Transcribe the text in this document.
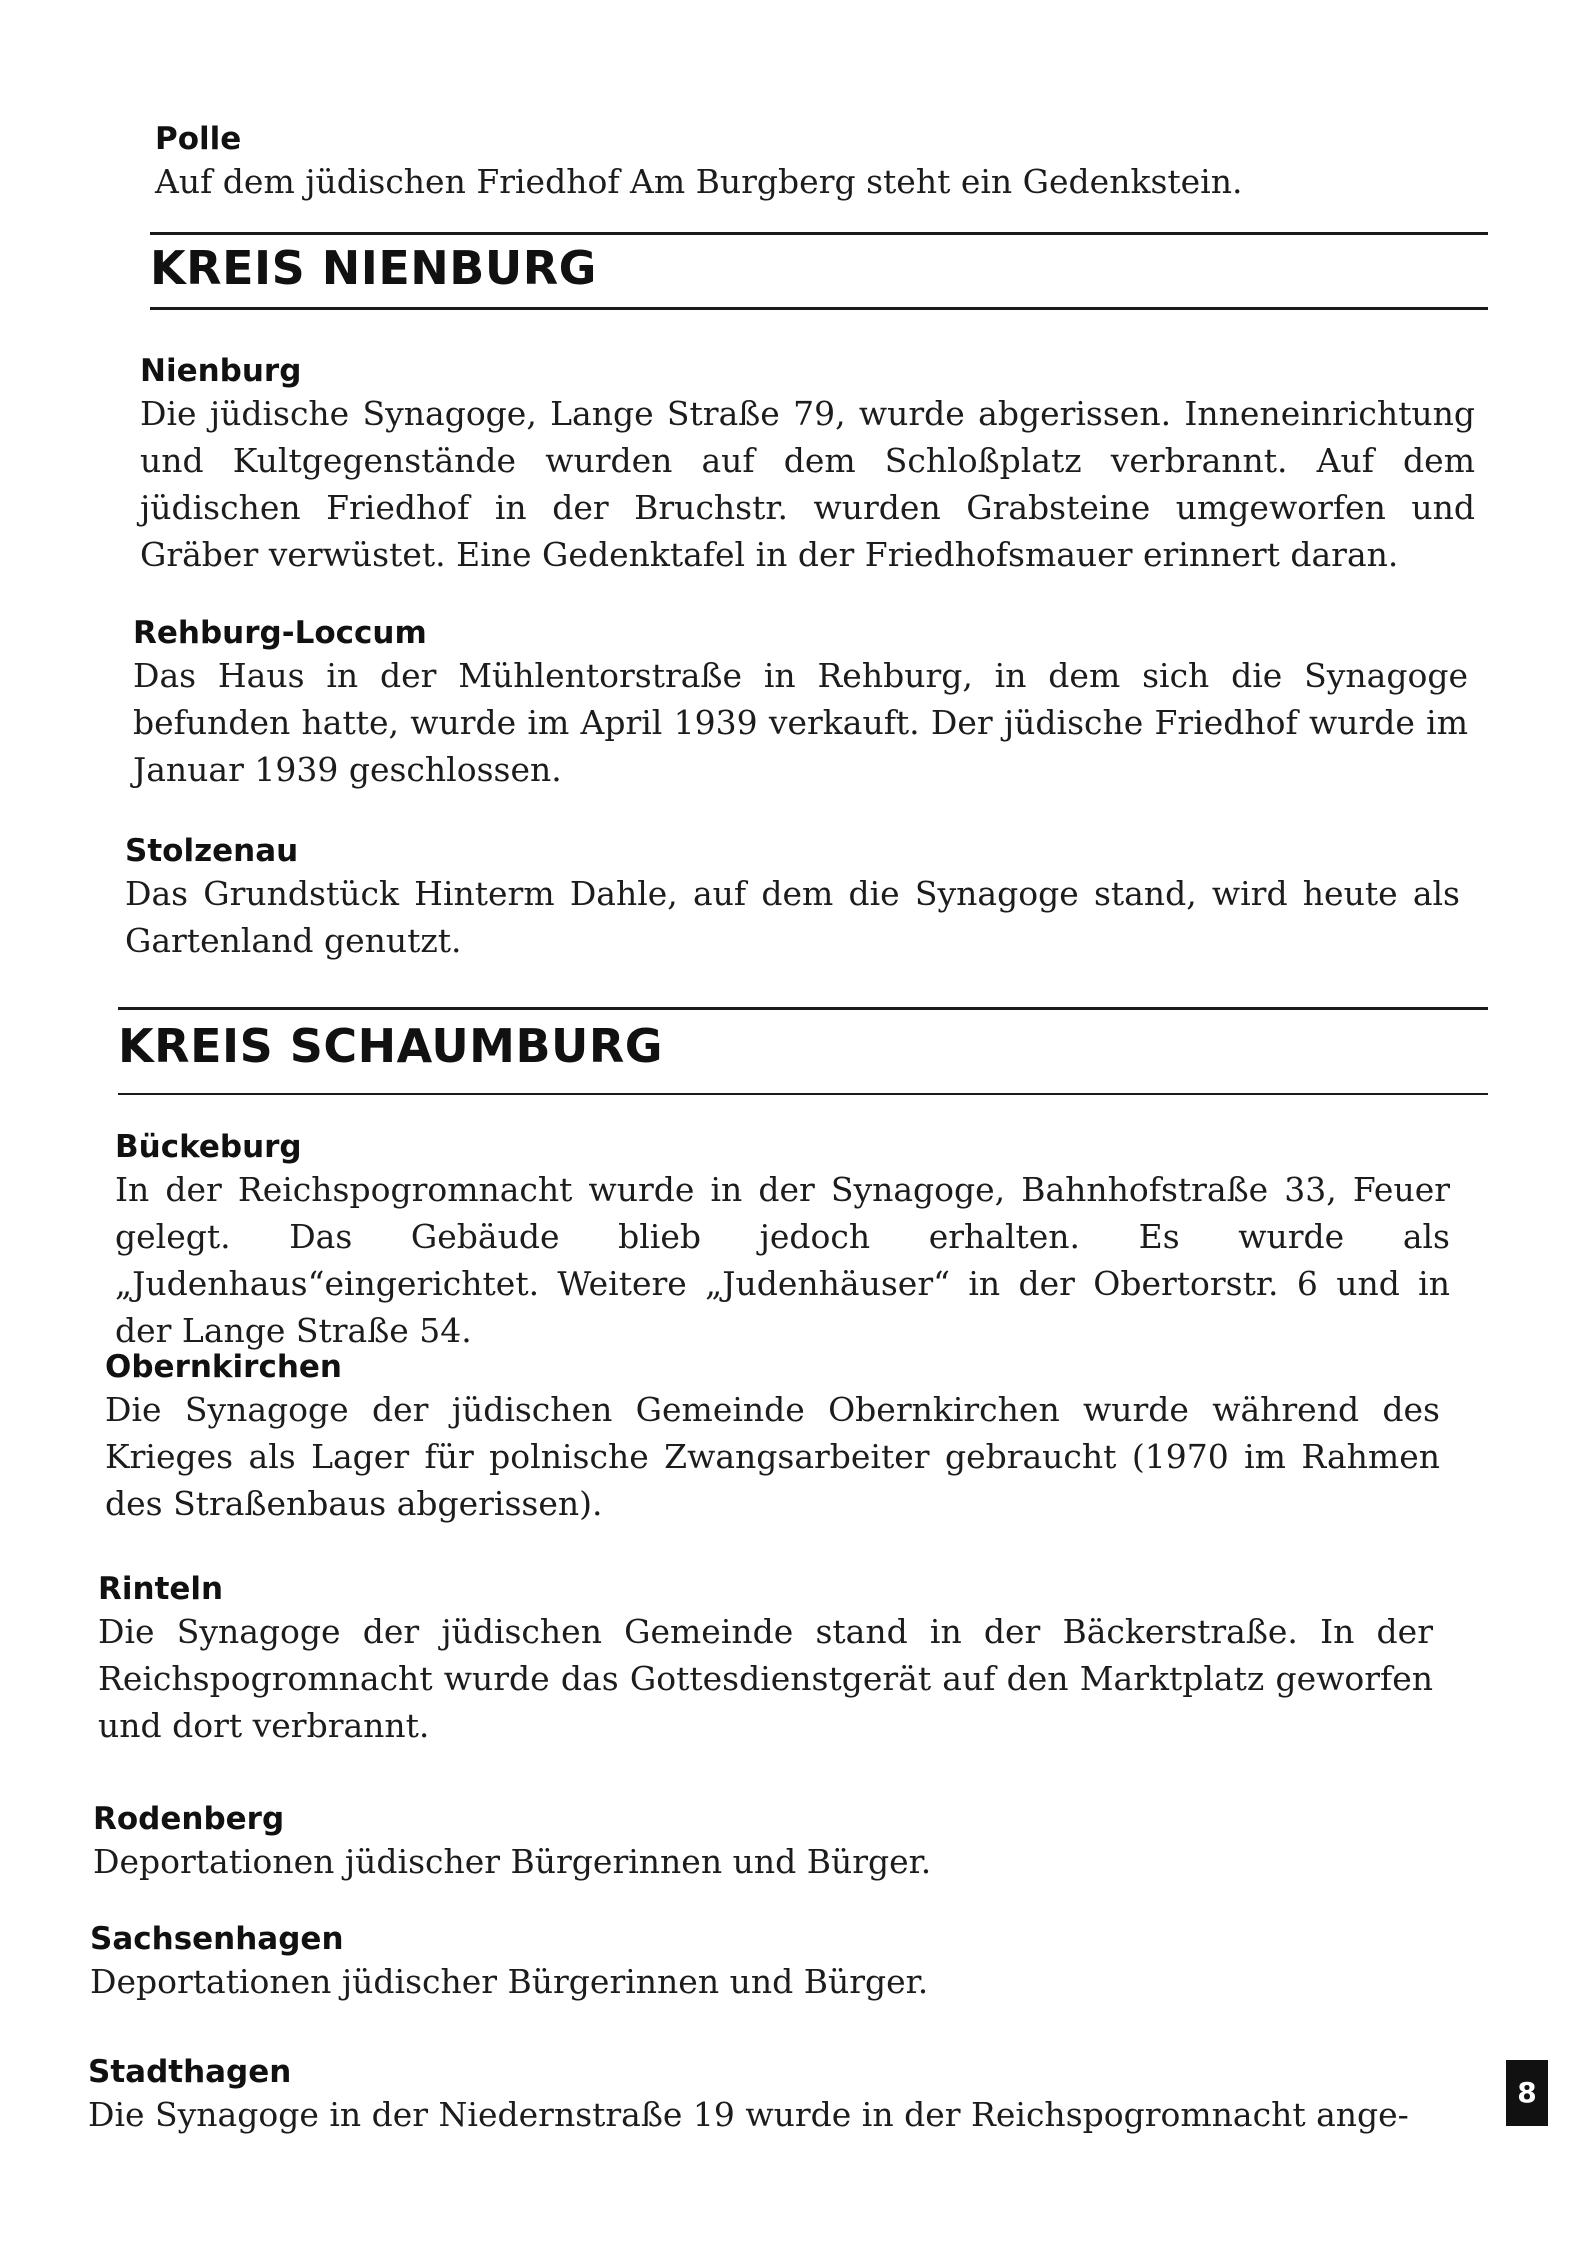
Polle

Auf dem jüdischen Friedhof Am Burgberg steht ein Gedenkstein.

KREIS NIENBURG

Nienburg

Die jüdische Synagoge, Lange Straße 79, wurde abgerissen. Inneneinrichtung und Kultgegenstände wurden auf dem Schloßplatz verbrannt. Auf dem jüdischen Friedhof in der Bruchstr. wurden Grabsteine umgeworfen und Gräber verwüstet. Eine Gedenktafel in der Friedhofsmauer erinnert daran.

Rehburg-Loccum

Das Haus in der Mühlentorstraße in Rehburg, in dem sich die Synagoge befunden hatte, wurde im April 1939 verkauft. Der jüdische Friedhof wurde im Januar 1939 geschlossen.

Stolzenau

Das Grundstück Hinterm Dahle, auf dem die Synagoge stand, wird heute als Gartenland genutzt.

KREIS SCHAUMBURG

Bückeburg

In der Reichspogromnacht wurde in der Synagoge, Bahnhofstraße 33, Feuer gelegt. Das Gebäude blieb jedoch erhalten. Es wurde als „Judenhaus“eingerichtet. Weitere „Judenhäuser“ in der Obertorstr. 6 und in der Lange Straße 54.

Obernkirchen

Die Synagoge der jüdischen Gemeinde Obernkirchen wurde während des Krieges als Lager für polnische Zwangsarbeiter gebraucht (1970 im Rahmen des Straßenbaus abgerissen).

Rinteln

Die Synagoge der jüdischen Gemeinde stand in der Bäckerstraße. In der Reichspogromnacht wurde das Gottesdienstgerät auf den Marktplatz geworfen und dort verbrannt.

Rodenberg

Deportationen jüdischer Bürgerinnen und Bürger.

Sachsenhagen

Deportationen jüdischer Bürgerinnen und Bürger.

Stadthagen

Die Synagoge in der Niedernstraße 19 wurde in der Reichspogromnacht ange-

8
